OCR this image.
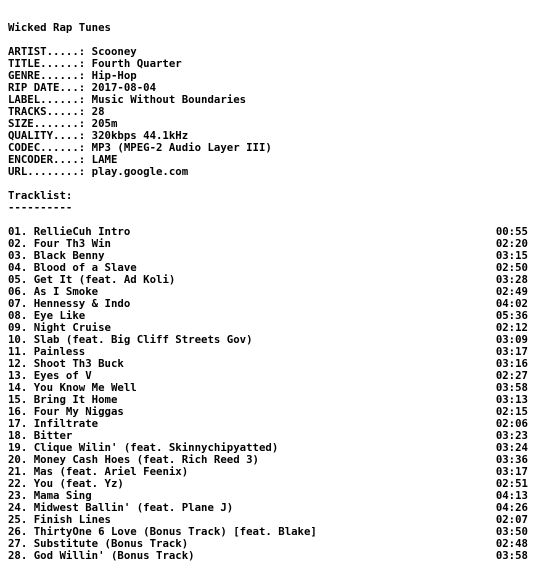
Wicked Rap Tunes
ARTIST.....: Scooney
TITLE......: Fourth Quarter
GENRE......: Hip-Hop
RIP DATE...: 2017-08-04
LABEL......: Music Without Boundaries
TRACKS.....: 28
SIZE.......: 205m
QUALITY....: 320kbps 44.1kHz
CODEC......: MP3 (MPEG-2 Audio Layer III)
ENCODER....: LAME
URL........: play.google.com
Tracklist:
----------
01. RellieCuh Intro	00:55
02. Four Th3 Win	02:20
03. Black Benny	03:15
04. Blood of a Slave	02:50
05. Get It (feat. Ad Koli)	03:28
06. As I Smoke	02:49
07. Hennessy & Indo	04:02
08. Eye Like	05:36
09. Night Cruise	02:12
10. Slab (feat. Big Cliff Streets Gov)	03:09
11. Painless	03:17
12. Shoot Th3 Buck	03:16
13. Eyes of V	02:27
14. You Know Me Well	03:58
15. Bring It Home	03:13
16. Four My Niggas	02:15
17. Infiltrate	02:06
18. Bitter	03:23
19. Clique Wilin' (feat. Skinnychipyatted)	03:24
20. Money Cash Hoes (feat. Rich Reed 3)	03:36
21. Mas (feat. Ariel Feenix)	03:17
22. You (feat. Yz)	02:51
23. Mama Sing	04:13
24. Midwest Ballin' (feat. Plane J)	04:26
25. Finish Lines	02:07
26. ThirtyOne 6 Love (Bonus Track) [feat. Blake]	03:50
27. Substitute (Bonus Track)	02:48
28. God Willin' (Bonus Track)	03:58
